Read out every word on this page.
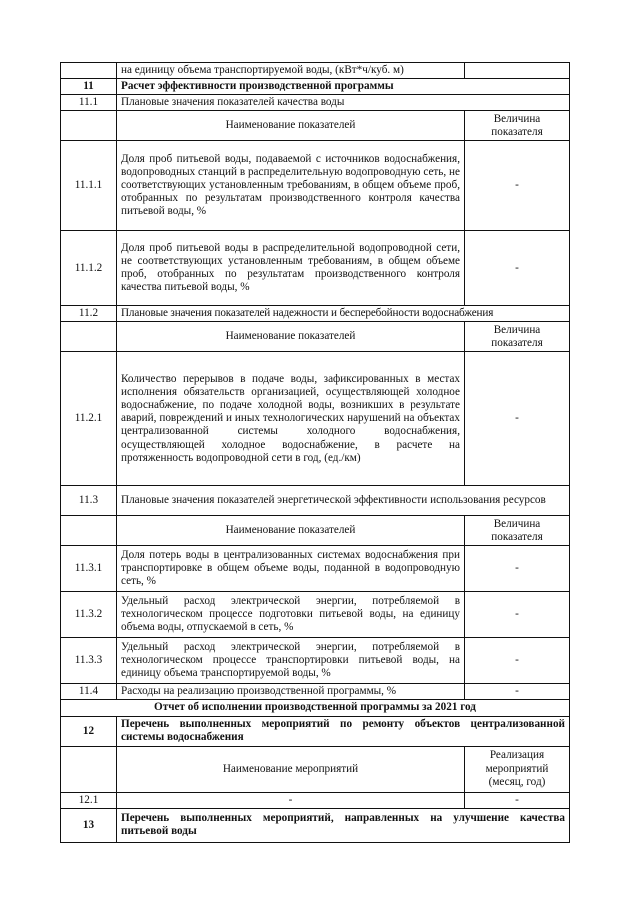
	на единицу объема транспортируемой воды, (кВт*ч/куб. м)	
11	Расчет эффективности производственной программы	
11.1	Плановые значения показателей качества воды	
	Наименование показателей	Величина показателя
11.1.1	Доля проб питьевой воды, подаваемой с источников водоснабжения, водопроводных станций в распределительную водопроводную сеть, не соответствующих установленным требованиям, в общем объеме проб, отобранных по результатам производственного контроля качества питьевой воды, %	-
11.1.2	Доля проб питьевой воды в распределительной водопроводной сети, не соответствующих установленным требованиям, в общем объеме проб, отобранных по результатам производственного контроля качества питьевой воды, %	-
11.2	Плановые значения показателей надежности и бесперебойности водоснабжения	
	Наименование показателей	Величина показателя
11.2.1	Количество перерывов в подаче воды, зафиксированных в местах исполнения обязательств организацией, осуществляющей холодное водоснабжение, по подаче холодной воды, возникших в результате аварий, повреждений и иных технологических нарушений на объектах централизованной системы холодного водоснабжения, осуществляющей холодное водоснабжение, в расчете на протяженность водопроводной сети в год, (ед./км)	-
11.3	Плановые значения показателей энергетической эффективности использования ресурсов	
	Наименование показателей	Величина показателя
11.3.1	Доля потерь воды в централизованных системах водоснабжения при транспортировке в общем объеме воды, поданной в водопроводную сеть, %	-
11.3.2	Удельный расход электрической энергии, потребляемой в технологическом процессе подготовки питьевой воды, на единицу объема воды, отпускаемой в сеть, %	-
11.3.3	Удельный расход электрической энергии, потребляемой в технологическом процессе транспортировки питьевой воды, на единицу объема транспортируемой воды, %	-
11.4	Расходы на реализацию производственной программы, %	-
Отчет об исполнении производственной программы за 2021 год		
12	Перечень выполненных мероприятий по ремонту объектов централизованной системы водоснабжения	
	Наименование мероприятий	Реализация мероприятий (месяц, год)
12.1	-	-
13	Перечень выполненных мероприятий, направленных на улучшение качества питьевой воды	
